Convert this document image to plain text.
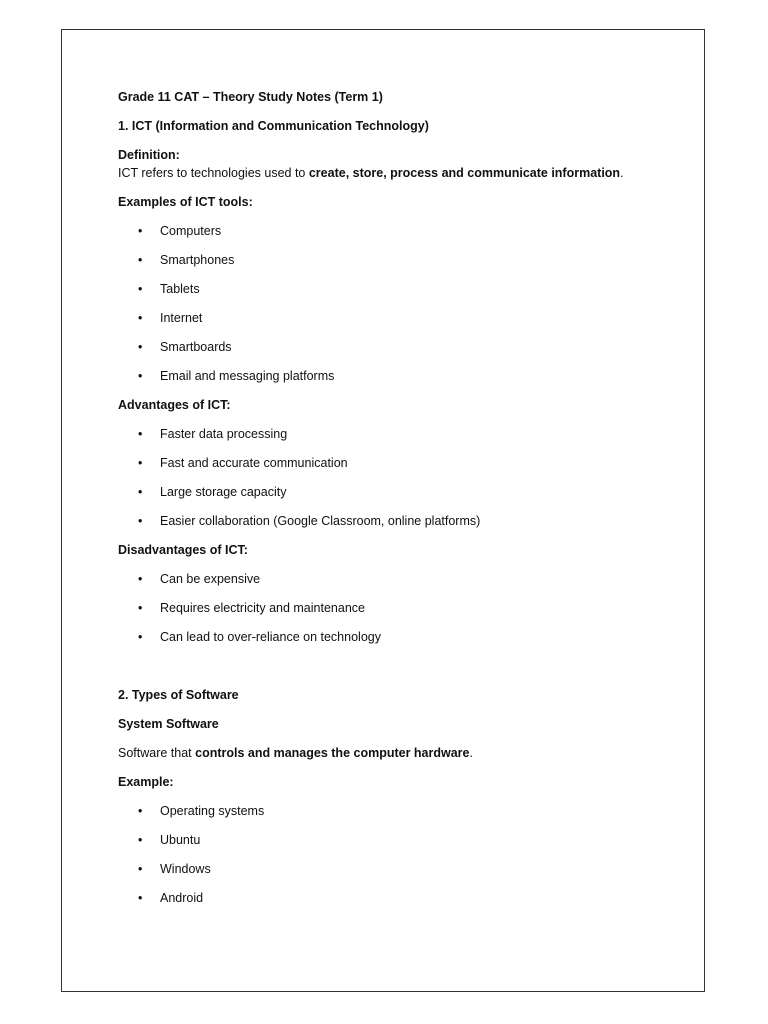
Grade 11 CAT – Theory Study Notes (Term 1)

1. ICT (Information and Communication Technology)

Definition:

ICT refers to technologies used to create, store, process and communicate information.

Examples of ICT tools:

• Computers
• Smartphones
• Tablets
• Internet
• Smartboards
• Email and messaging platforms

Advantages of ICT:

• Faster data processing
• Fast and accurate communication
• Large storage capacity
• Easier collaboration (Google Classroom, online platforms)

Disadvantages of ICT:

• Can be expensive
• Requires electricity and maintenance
• Can lead to over-reliance on technology

2. Types of Software

System Software

Software that controls and manages the computer hardware.

Example:

• Operating systems
• Ubuntu
• Windows
• Android
